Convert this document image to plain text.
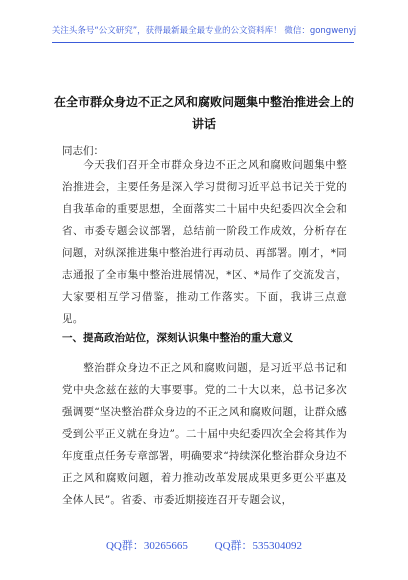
关注头条号“公文研究”，获得最新最全最专业的公文资料库！ 微信：gongwenyj
在全市群众身边不正之风和腐败问题集中整治推进会上的
讲话
同志们：

今天我们召开全市群众身边不正之风和腐败问题集中整治推进会，主要任务是深入学习贯彻习近平总书记关于党的自我革命的重要思想，全面落实二十届中央纪委四次全会和省、市委专题会议部署，总结前一阶段工作成效，分析存在问题，对纵深推进集中整治进行再动员、再部署。刚才，*同志通报了全市集中整治进展情况，*区、*局作了交流发言，大家要相互学习借鉴，推动工作落实。下面，我讲三点意见。

一、提高政治站位，深刻认识集中整治的重大意义

整治群众身边不正之风和腐败问题，是习近平总书记和党中央念兹在兹的大事要事。党的二十大以来，总书记多次强调要“坚决整治群众身边的不正之风和腐败问题，让群众感受到公平正义就在身边”。二十届中央纪委四次全会将其作为年度重点任务专章部署，明确要求“持续深化整治群众身边不正之风和腐败问题，着力推动改革发展成果更多更公平惠及全体人民”。省委、市委近期接连召开专题会议，

QQ群：30265665 QQ群：535304092
